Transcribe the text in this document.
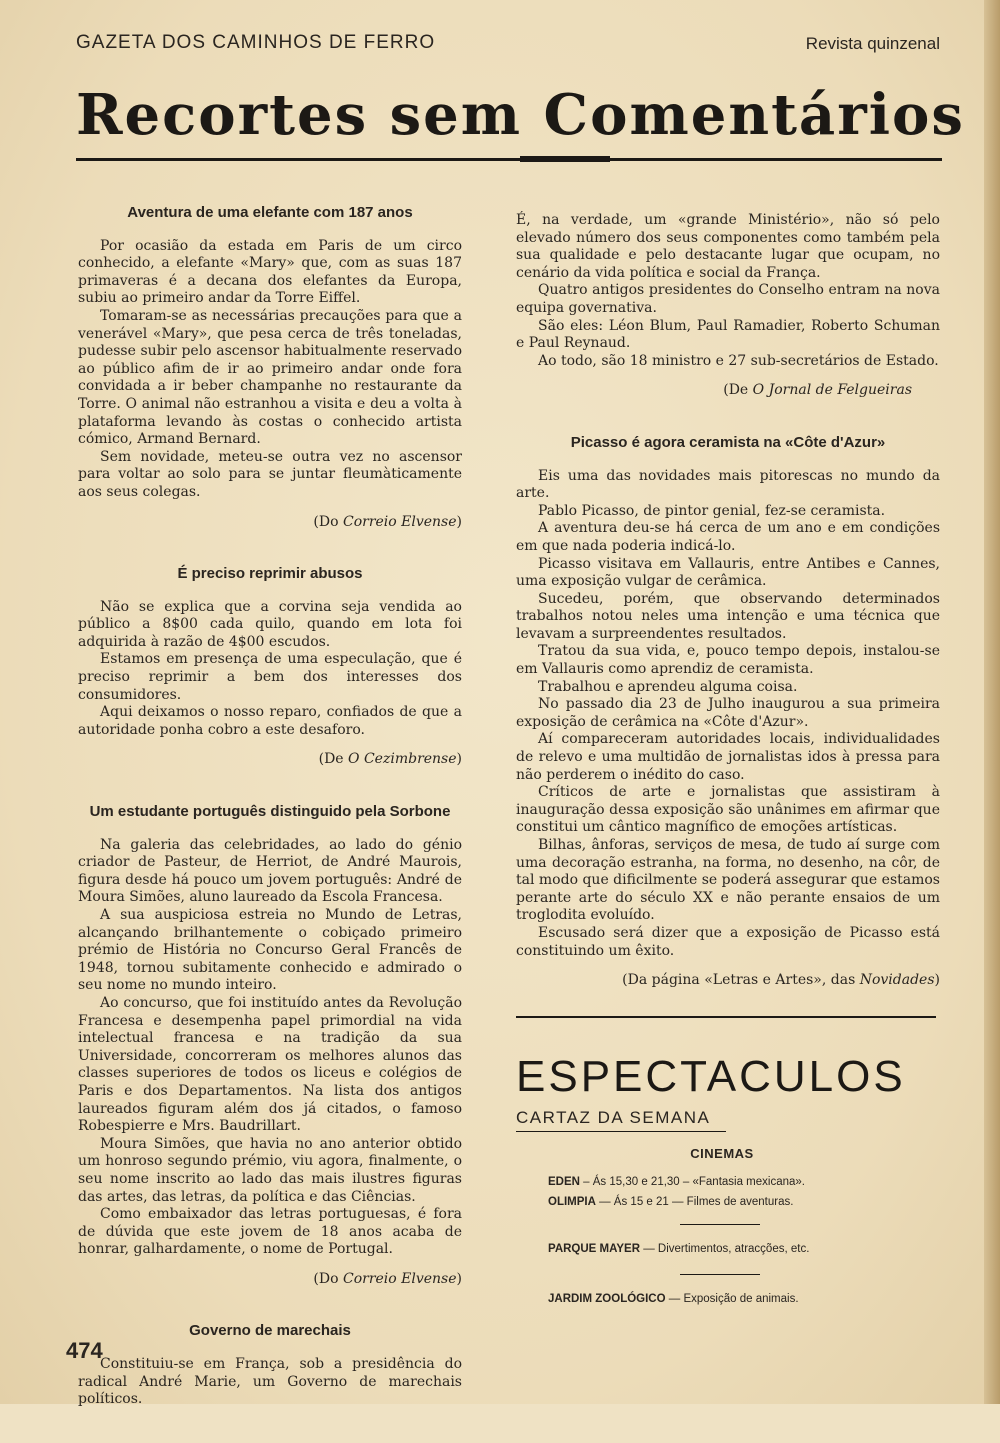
GAZETA DOS CAMINHOS DE FERRO	Revista quinzenal
Recortes sem Comentários
Aventura de uma elefante com 187 anos

Por ocasião da estada em Paris de um circo conhecido, a elefante «Mary» que, com as suas 187 primaveras é a decana dos elefantes da Europa, subiu ao primeiro andar da Torre Eiffel.

Tomaram-se as necessárias precauções para que a venerável «Mary», que pesa cerca de três toneladas, pudesse subir pelo ascensor habitualmente reservado ao público afim de ir ao primeiro andar onde fora convidada a ir beber champanhe no restaurante da Torre. O animal não estranhou a visita e deu a volta à plataforma levando às costas o conhecido artista cómico, Armand Bernard.

Sem novidade, meteu-se outra vez no ascensor para voltar ao solo para se juntar fleumàticamente aos seus colegas.

(Do Correio Elvense)

É preciso reprimir abusos

Não se explica que a corvina seja vendida ao público a 8$00 cada quilo, quando em lota foi adquirida à razão de 4$00 escudos.

Estamos em presença de uma especulação, que é preciso reprimir a bem dos interesses dos consumidores.

Aqui deixamos o nosso reparo, confiados de que a autoridade ponha cobro a este desaforo.

(De O Cezimbrense)

Um estudante português distinguido pela Sorbone

Na galeria das celebridades, ao lado do génio criador de Pasteur, de Herriot, de André Maurois, figura desde há pouco um jovem português: André de Moura Simões, aluno laureado da Escola Francesa.

A sua auspiciosa estreia no Mundo de Letras, alcançando brilhantemente o cobiçado primeiro prémio de História no Concurso Geral Francês de 1948, tornou subitamente conhecido e admirado o seu nome no mundo inteiro.

Ao concurso, que foi instituído antes da Revolução Francesa e desempenha papel primordial na vida intelectual francesa e na tradição da sua Universidade, concorreram os melhores alunos das classes superiores de todos os liceus e colégios de Paris e dos Departamentos. Na lista dos antigos laureados figuram além dos já citados, o famoso Robespierre e Mrs. Baudrillart.

Moura Simões, que havia no ano anterior obtido um honroso segundo prémio, viu agora, finalmente, o seu nome inscrito ao lado das mais ilustres figuras das artes, das letras, da política e das Ciências.

Como embaixador das letras portuguesas, é fora de dúvida que este jovem de 18 anos acaba de honrar, galhardamente, o nome de Portugal.

(Do Correio Elvense)

Governo de marechais

Constituiu-se em França, sob a presidência do radical André Marie, um Governo de marechais políticos.

É, na verdade, um «grande Ministério», não só pelo elevado número dos seus componentes como também pela sua qualidade e pelo destacante lugar que ocupam, no cenário da vida política e social da França.

Quatro antigos presidentes do Conselho entram na nova equipa governativa.

São eles: Léon Blum, Paul Ramadier, Roberto Schuman e Paul Reynaud.

Ao todo, são 18 ministro e 27 sub-secretários de Estado.

(De O Jornal de Felgueiras

Picasso é agora ceramista na «Côte d'Azur»

Eis uma das novidades mais pitorescas no mundo da arte.

Pablo Picasso, de pintor genial, fez-se ceramista.

A aventura deu-se há cerca de um ano e em condições em que nada poderia indicá-lo.

Picasso visitava em Vallauris, entre Antibes e Cannes, uma exposição vulgar de cerâmica.

Sucedeu, porém, que observando determinados trabalhos notou neles uma intenção e uma técnica que levavam a surpreendentes resultados.

Tratou da sua vida, e, pouco tempo depois, instalou-se em Vallauris como aprendiz de ceramista.

Trabalhou e aprendeu alguma coisa.

No passado dia 23 de Julho inaugurou a sua primeira exposição de cerâmica na «Côte d'Azur».

Aí compareceram autoridades locais, individualidades de relevo e uma multidão de jornalistas idos à pressa para não perderem o inédito do caso.

Críticos de arte e jornalistas que assistiram à inauguração dessa exposição são unânimes em afirmar que constitui um cântico magnífico de emoções artísticas.

Bilhas, ânforas, serviços de mesa, de tudo aí surge com uma decoração estranha, na forma, no desenho, na côr, de tal modo que dificilmente se poderá assegurar que estamos perante arte do século XX e não perante ensaios de um troglodita evoluído.

Escusado será dizer que a exposição de Picasso está constituindo um êxito.

(Da página «Letras e Artes», das Novidades)

ESPECTACULOS
CARTAZ DA SEMANA
CINEMAS
EDEN – Ás 15,30 e 21,30 – «Fantasia mexicana».
OLIMPIA — Ás 15 e 21 — Filmes de aventuras.
PARQUE MAYER — Divertimentos, atracções, etc.
JARDIM ZOOLÓGICO — Exposição de animais.
474
